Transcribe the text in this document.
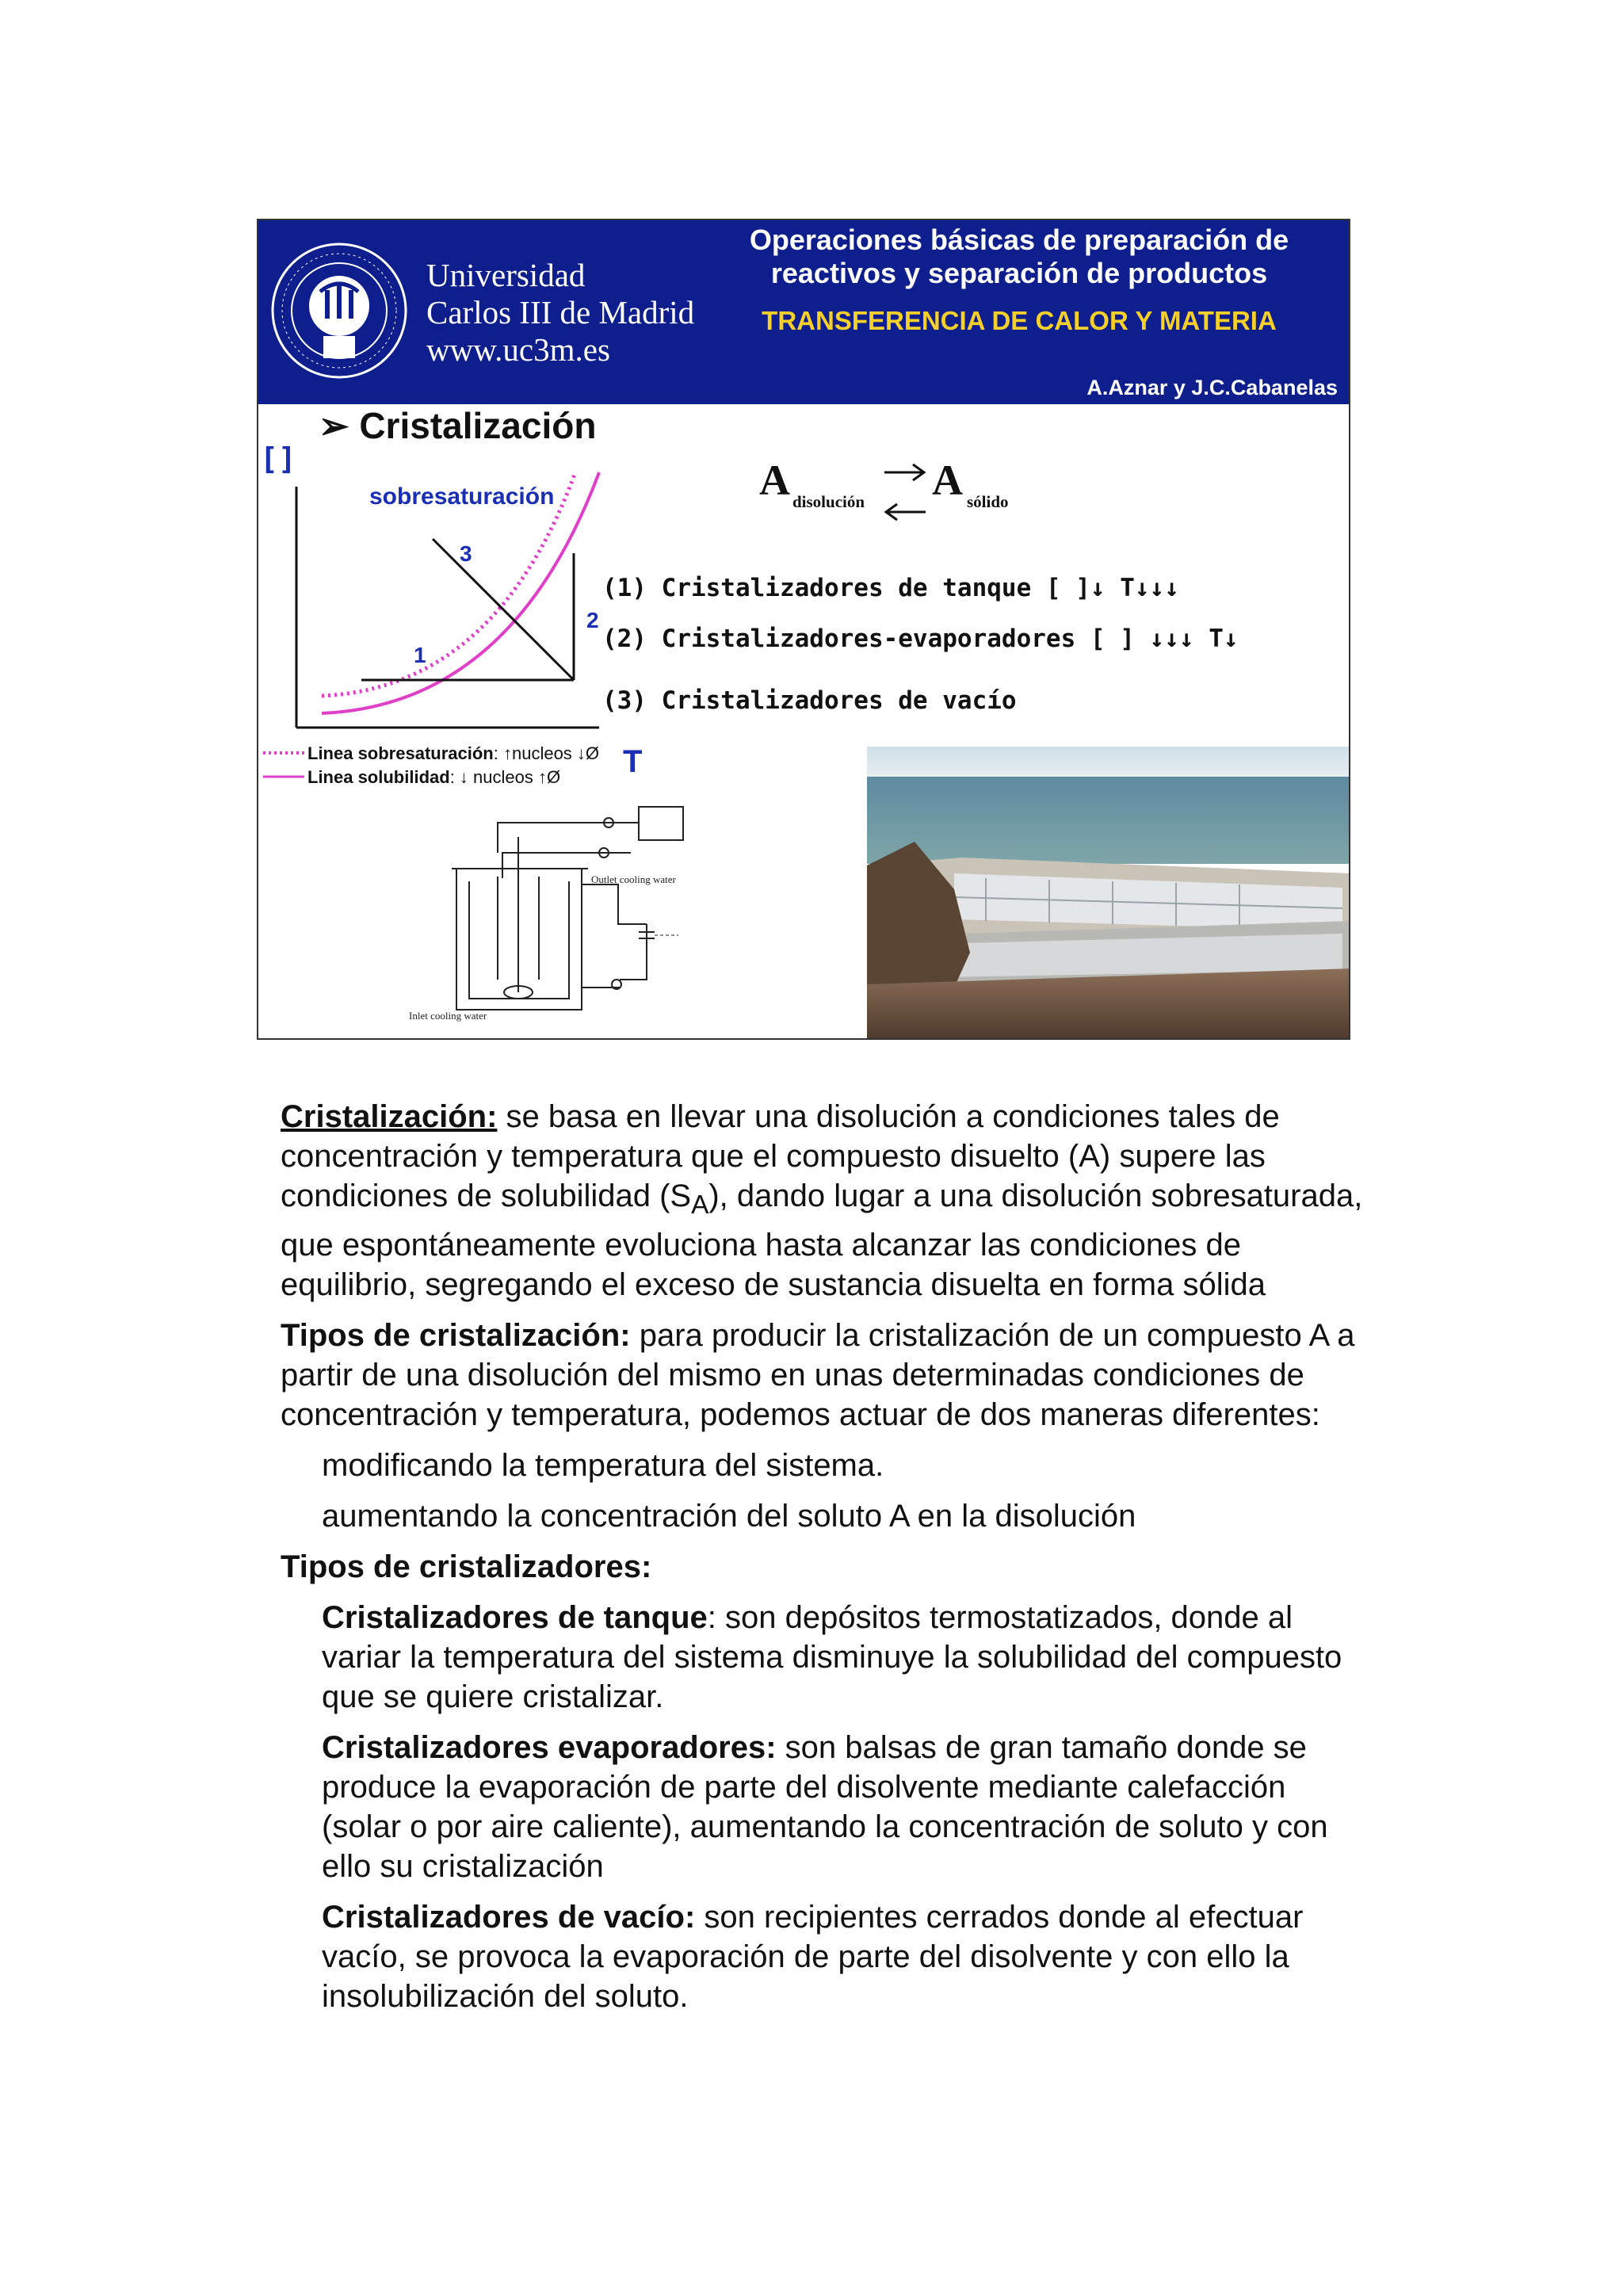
Universidad
Carlos III de Madrid
www.uc3m.es
Operaciones básicas de preparación de
reactivos y separación de productos
TRANSFERENCIA DE CALOR Y MATERIA
A.Aznar y J.C.Cabanelas
➢ Cristalización
[]
sobresaturación
1
2
3
Linea sobresaturación: ↑nucleos ↓Ø
Linea solubilidad: ↓ nucleos ↑Ø T
A disolución A sólido
(1) Cristalizadores de tanque [ ]↓ T↓↓↓
(2) Cristalizadores-evaporadores [ ] ↓↓↓ T↓
(3) Cristalizadores de vacío
Outlet cooling water
Inlet cooling water

Cristalización: se basa en llevar una disolución a condiciones tales de concentración y temperatura que el compuesto disuelto (A) supere las condiciones de solubilidad $(S_A)$, dando lugar a una disolución sobresaturada, que espontáneamente evoluciona hasta alcanzar las condiciones de equilibrio, segregando el exceso de sustancia disuelta en forma sólida

Tipos de cristalización: para producir la cristalización de un compuesto A a partir de una disolución del mismo en unas determinadas condiciones de concentración y temperatura, podemos actuar de dos maneras diferentes:

modificando la temperatura del sistema.

aumentando la concentración del soluto A en la disolución

Tipos de cristalizadores:

Cristalizadores de tanque: son depósitos termostatizados, donde al variar la temperatura del sistema disminuye la solubilidad del compuesto que se quiere cristalizar.

Cristalizadores evaporadores: son balsas de gran tamaño donde se produce la evaporación de parte del disolvente mediante calefacción (solar o por aire caliente), aumentando la concentración de soluto y con ello su cristalización

Cristalizadores de vacío: son recipientes cerrados donde al efectuar vacío, se provoca la evaporación de parte del disolvente y con ello la insolubilización del soluto.
